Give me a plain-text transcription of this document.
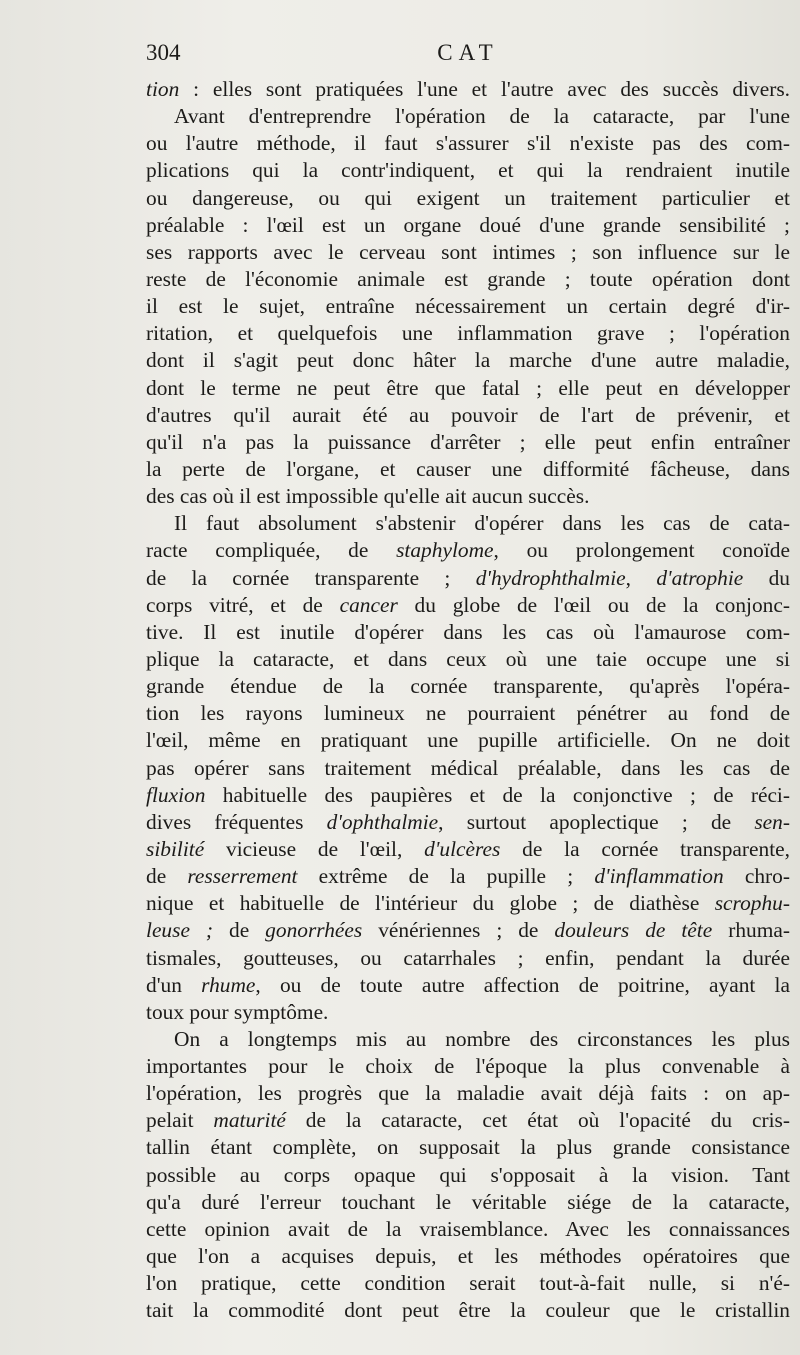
304	CAT
tion : elles sont pratiquées l'une et l'autre avec des succès divers.
Avant d'entreprendre l'opération de la cataracte, par l'une
ou l'autre méthode, il faut s'assurer s'il n'existe pas des com-
plications qui la contr'indiquent, et qui la rendraient inutile
ou dangereuse, ou qui exigent un traitement particulier et
préalable : l'œil est un organe doué d'une grande sensibilité ;
ses rapports avec le cerveau sont intimes ; son influence sur le
reste de l'économie animale est grande ; toute opération dont
il est le sujet, entraîne nécessairement un certain degré d'ir-
ritation, et quelquefois une inflammation grave ; l'opération
dont il s'agit peut donc hâter la marche d'une autre maladie,
dont le terme ne peut être que fatal ; elle peut en développer
d'autres qu'il aurait été au pouvoir de l'art de prévenir, et
qu'il n'a pas la puissance d'arrêter ; elle peut enfin entraîner
la perte de l'organe, et causer une difformité fâcheuse, dans
des cas où il est impossible qu'elle ait aucun succès.
Il faut absolument s'abstenir d'opérer dans les cas de cata-
racte compliquée, de staphylome, ou prolongement conoïde
de la cornée transparente ; d'hydrophthalmie, d'atrophie du
corps vitré, et de cancer du globe de l'œil ou de la conjonc-
tive. Il est inutile d'opérer dans les cas où l'amaurose com-
plique la cataracte, et dans ceux où une taie occupe une si
grande étendue de la cornée transparente, qu'après l'opéra-
tion les rayons lumineux ne pourraient pénétrer au fond de
l'œil, même en pratiquant une pupille artificielle. On ne doit
pas opérer sans traitement médical préalable, dans les cas de
fluxion habituelle des paupières et de la conjonctive ; de réci-
dives fréquentes d'ophthalmie, surtout apoplectique ; de sen-
sibilité vicieuse de l'œil, d'ulcères de la cornée transparente,
de resserrement extrême de la pupille ; d'inflammation chro-
nique et habituelle de l'intérieur du globe ; de diathèse scrophu-
leuse ; de gonorrhées vénériennes ; de douleurs de tête rhuma-
tismales, goutteuses, ou catarrhales ; enfin, pendant la durée
d'un rhume, ou de toute autre affection de poitrine, ayant la
toux pour symptôme.
On a longtemps mis au nombre des circonstances les plus
importantes pour le choix de l'époque la plus convenable à
l'opération, les progrès que la maladie avait déjà faits : on ap-
pelait maturité de la cataracte, cet état où l'opacité du cris-
tallin étant complète, on supposait la plus grande consistance
possible au corps opaque qui s'opposait à la vision. Tant
qu'a duré l'erreur touchant le véritable siége de la cataracte,
cette opinion avait de la vraisemblance. Avec les connaissances
que l'on a acquises depuis, et les méthodes opératoires que
l'on pratique, cette condition serait tout-à-fait nulle, si n'é-
tait la commodité dont peut être la couleur que le cristallin
